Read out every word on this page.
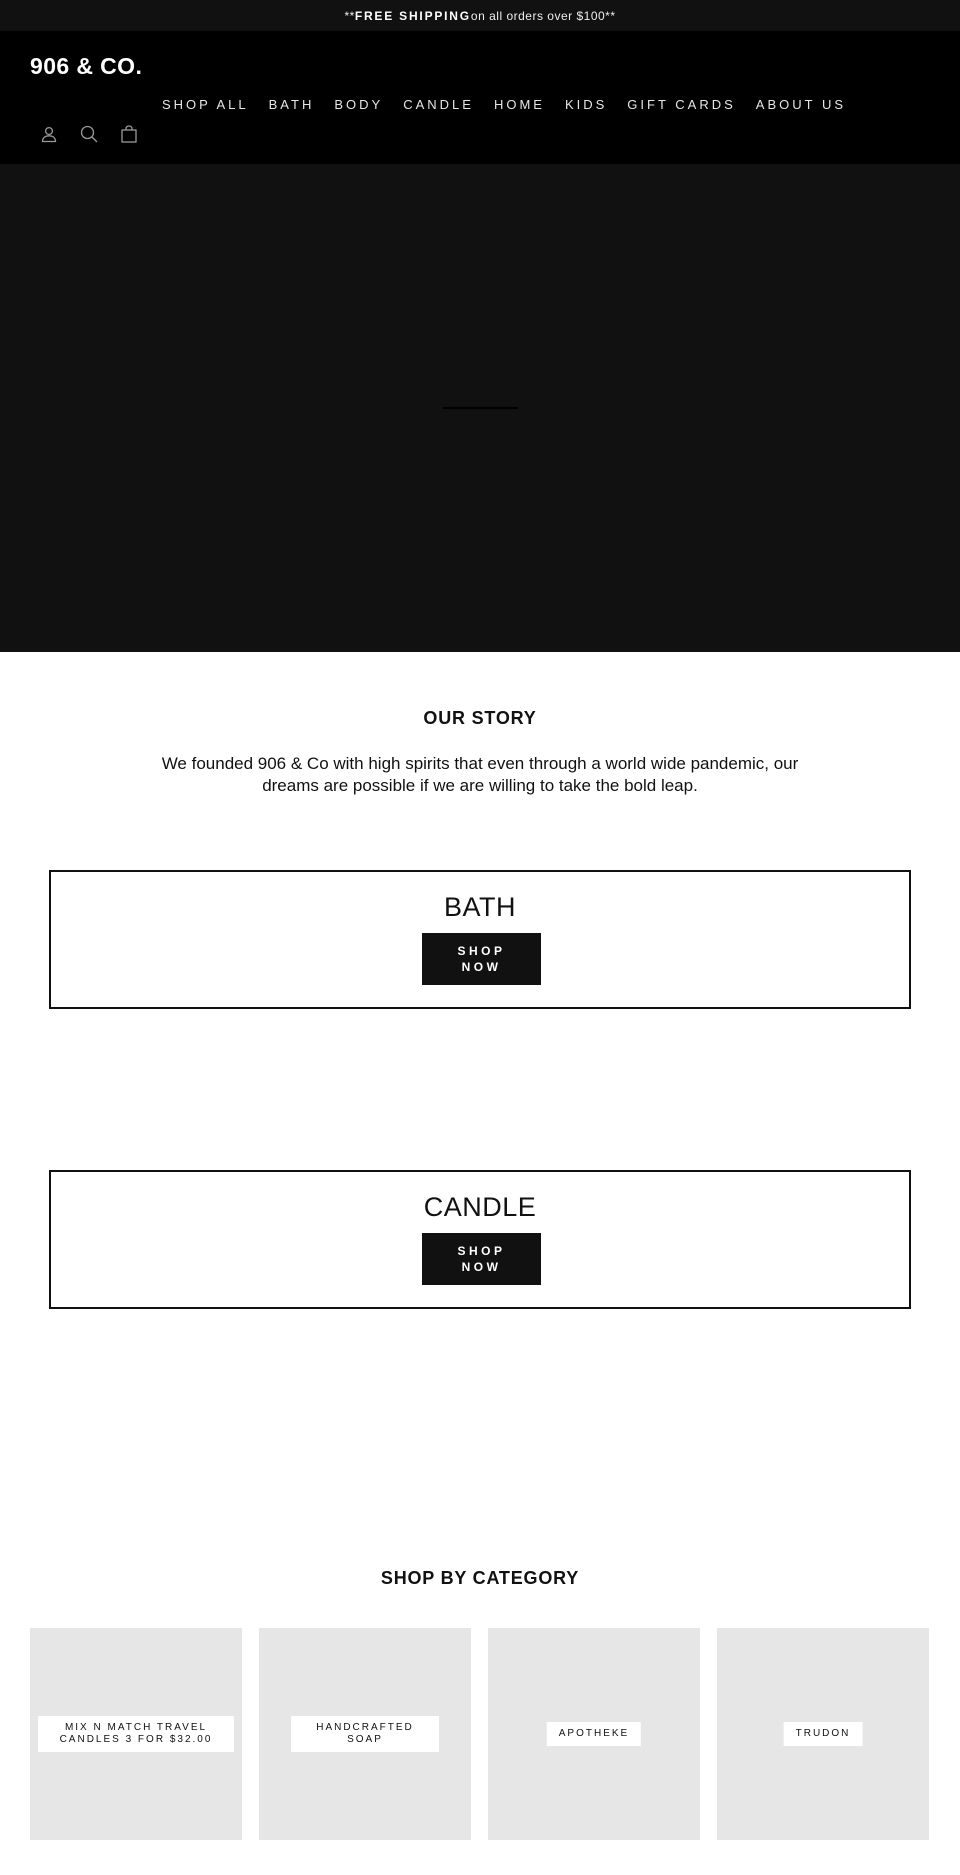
** FREE SHIPPING on all orders over $100**
906 & CO.
SHOP ALL BATH BODY CANDLE HOME KIDS GIFT CARDS ABOUT US
OUR STORY

We founded 906 & Co with high spirits that even through a world wide pandemic, our dreams are possible if we are willing to take the bold leap.

BATH
SHOP NOW
CANDLE
SHOP NOW
SHOP BY CATEGORY
MIX N MATCH TRAVEL CANDLES 3 FOR $32.00
HANDCRAFTED SOAP
APOTHEKE	TRUDON
